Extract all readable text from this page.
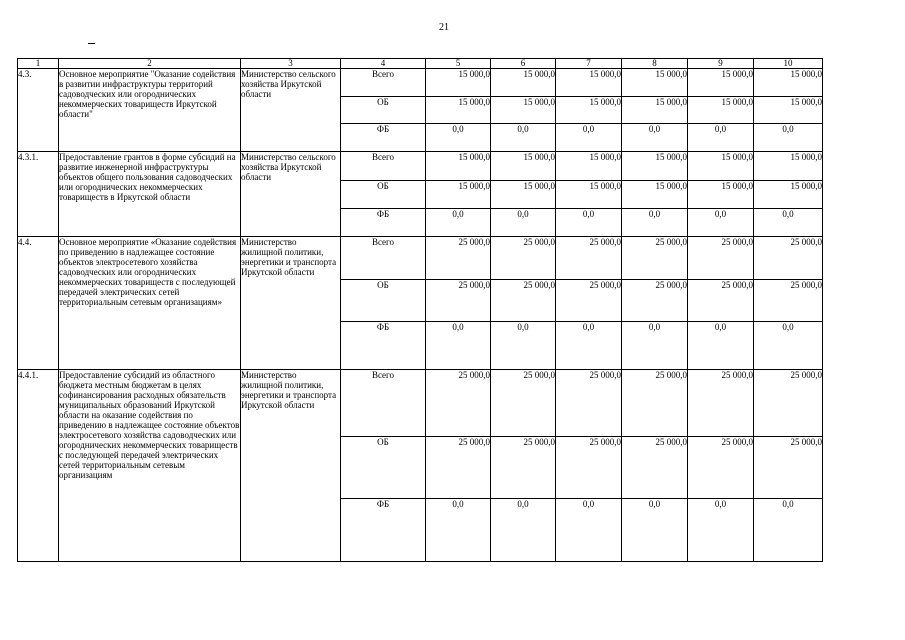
21
1	2	3	4	5	6	7	8	9	10
4.3.	Основное мероприятие "Оказание содействия в развитии инфраструктуры территорий садоводческих или огороднических некоммерческих товариществ Иркутской области"	Министерство сельского хозяйства Иркутской области	Всего	15 000,0	15 000,0	15 000,0	15 000,0	15 000,0	15 000,0
			ОБ	15 000,0	15 000,0	15 000,0	15 000,0	15 000,0	15 000,0
			ФБ	0,0	0,0	0,0	0,0	0,0	0,0
4.3.1.	Предоставление грантов в форме субсидий на развитие инженерной инфраструктуры объектов общего пользования садоводческих или огороднических некоммерческих товариществ в Иркутской области	Министерство сельского хозяйства Иркутской области	Всего	15 000,0	15 000,0	15 000,0	15 000,0	15 000,0	15 000,0
			ОБ	15 000,0	15 000,0	15 000,0	15 000,0	15 000,0	15 000,0
			ФБ	0,0	0,0	0,0	0,0	0,0	0,0
4.4.	Основное мероприятие «Оказание содействия по приведению в надлежащее состояние объектов электросетевого хозяйства садоводческих или огороднических некоммерческих товариществ с последующей передачей электрических сетей территориальным сетевым организациям»	Министерство жилищной политики, энергетики и транспорта Иркутской области	Всего	25 000,0	25 000,0	25 000,0	25 000,0	25 000,0	25 000,0
			ОБ	25 000,0	25 000,0	25 000,0	25 000,0	25 000,0	25 000,0
			ФБ	0,0	0,0	0,0	0,0	0,0	0,0
4.4.1.	Предоставление субсидий из областного бюджета местным бюджетам в целях софинансирования расходных обязательств муниципальных образований Иркутской области на оказание содействия по приведению в надлежащее состояние объектов электросетевого хозяйства садоводческих или огороднических некоммерческих товариществ с последующей передачей электрических сетей территориальным сетевым организациям	Министерство жилищной политики, энергетики и транспорта Иркутской области	Всего	25 000,0	25 000,0	25 000,0	25 000,0	25 000,0	25 000,0
			ОБ	25 000,0	25 000,0	25 000,0	25 000,0	25 000,0	25 000,0
			ФБ	0,0	0,0	0,0	0,0	0,0	0,0
